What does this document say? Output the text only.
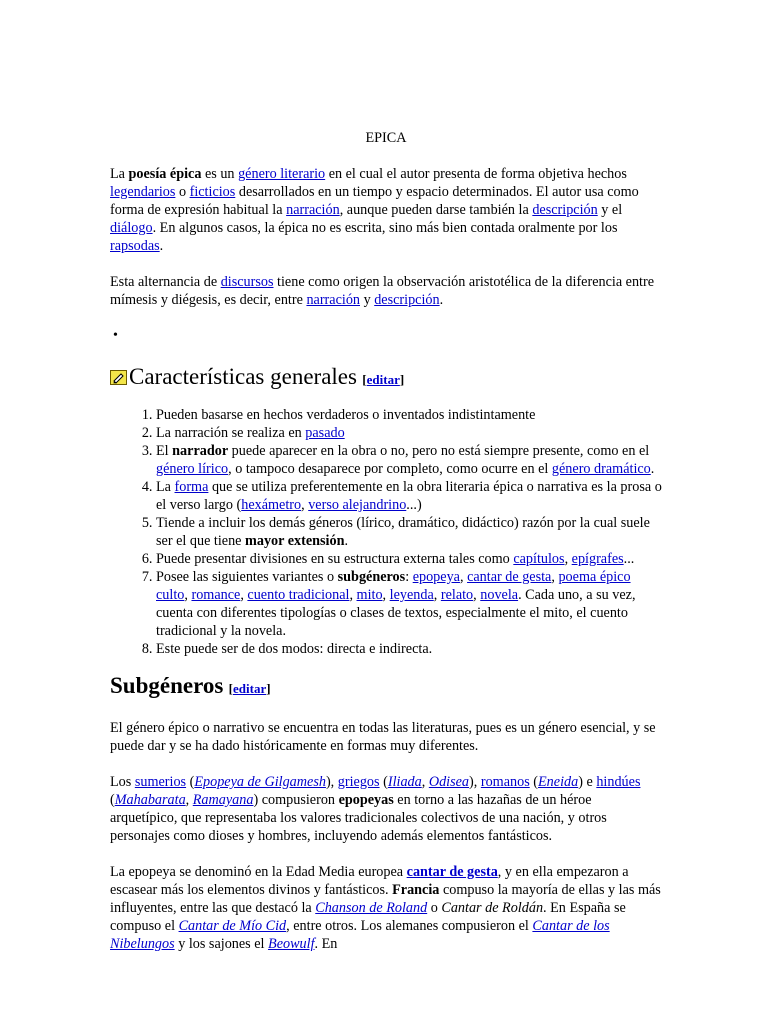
EPICA

La poesía épica es un género literario en el cual el autor presenta de forma objetiva hechos legendarios o ficticios desarrollados en un tiempo y espacio determinados. El autor usa como forma de expresión habitual la narración, aunque pueden darse también la descripción y el diálogo. En algunos casos, la épica no es escrita, sino más bien contada oralmente por los rapsodas.

Esta alternancia de discursos tiene como origen la observación aristotélica de la diferencia entre mímesis y diégesis, es decir, entre narración y descripción.

•
Características generales [editar]
1. Pueden basarse en hechos verdaderos o inventados indistintamente
2. La narración se realiza en pasado
3. El narrador puede aparecer en la obra o no, pero no está siempre presente, como en el género lírico, o tampoco desaparece por completo, como ocurre en el género dramático.
4. La forma que se utiliza preferentemente en la obra literaria épica o narrativa es la prosa o el verso largo (hexámetro, verso alejandrino...)
5. Tiende a incluir los demás géneros (lírico, dramático, didáctico) razón por la cual suele ser el que tiene mayor extensión.
6. Puede presentar divisiones en su estructura externa tales como capítulos, epígrafes...
7. Posee las siguientes variantes o subgéneros: epopeya, cantar de gesta, poema épico culto, romance, cuento tradicional, mito, leyenda, relato, novela. Cada uno, a su vez, cuenta con diferentes tipologías o clases de textos, especialmente el mito, el cuento tradicional y la novela.
8. Este puede ser de dos modos: directa e indirecta.
Subgéneros [editar]

El género épico o narrativo se encuentra en todas las literaturas, pues es un género esencial, y se puede dar y se ha dado históricamente en formas muy diferentes.

Los sumerios (Epopeya de Gilgamesh), griegos (Iliada, Odisea), romanos (Eneida) e hindúes (Mahabarata, Ramayana) compusieron epopeyas en torno a las hazañas de un héroe arquetípico, que representaba los valores tradicionales colectivos de una nación, y otros personajes como dioses y hombres, incluyendo además elementos fantásticos.

La epopeya se denominó en la Edad Media europea cantar de gesta, y en ella empezaron a escasear más los elementos divinos y fantásticos. Francia compuso la mayoría de ellas y las más influyentes, entre las que destacó la Chanson de Roland o Cantar de Roldán. En España se compuso el Cantar de Mío Cid, entre otros. Los alemanes compusieron el Cantar de los Nibelungos y los sajones el Beowulf. En
